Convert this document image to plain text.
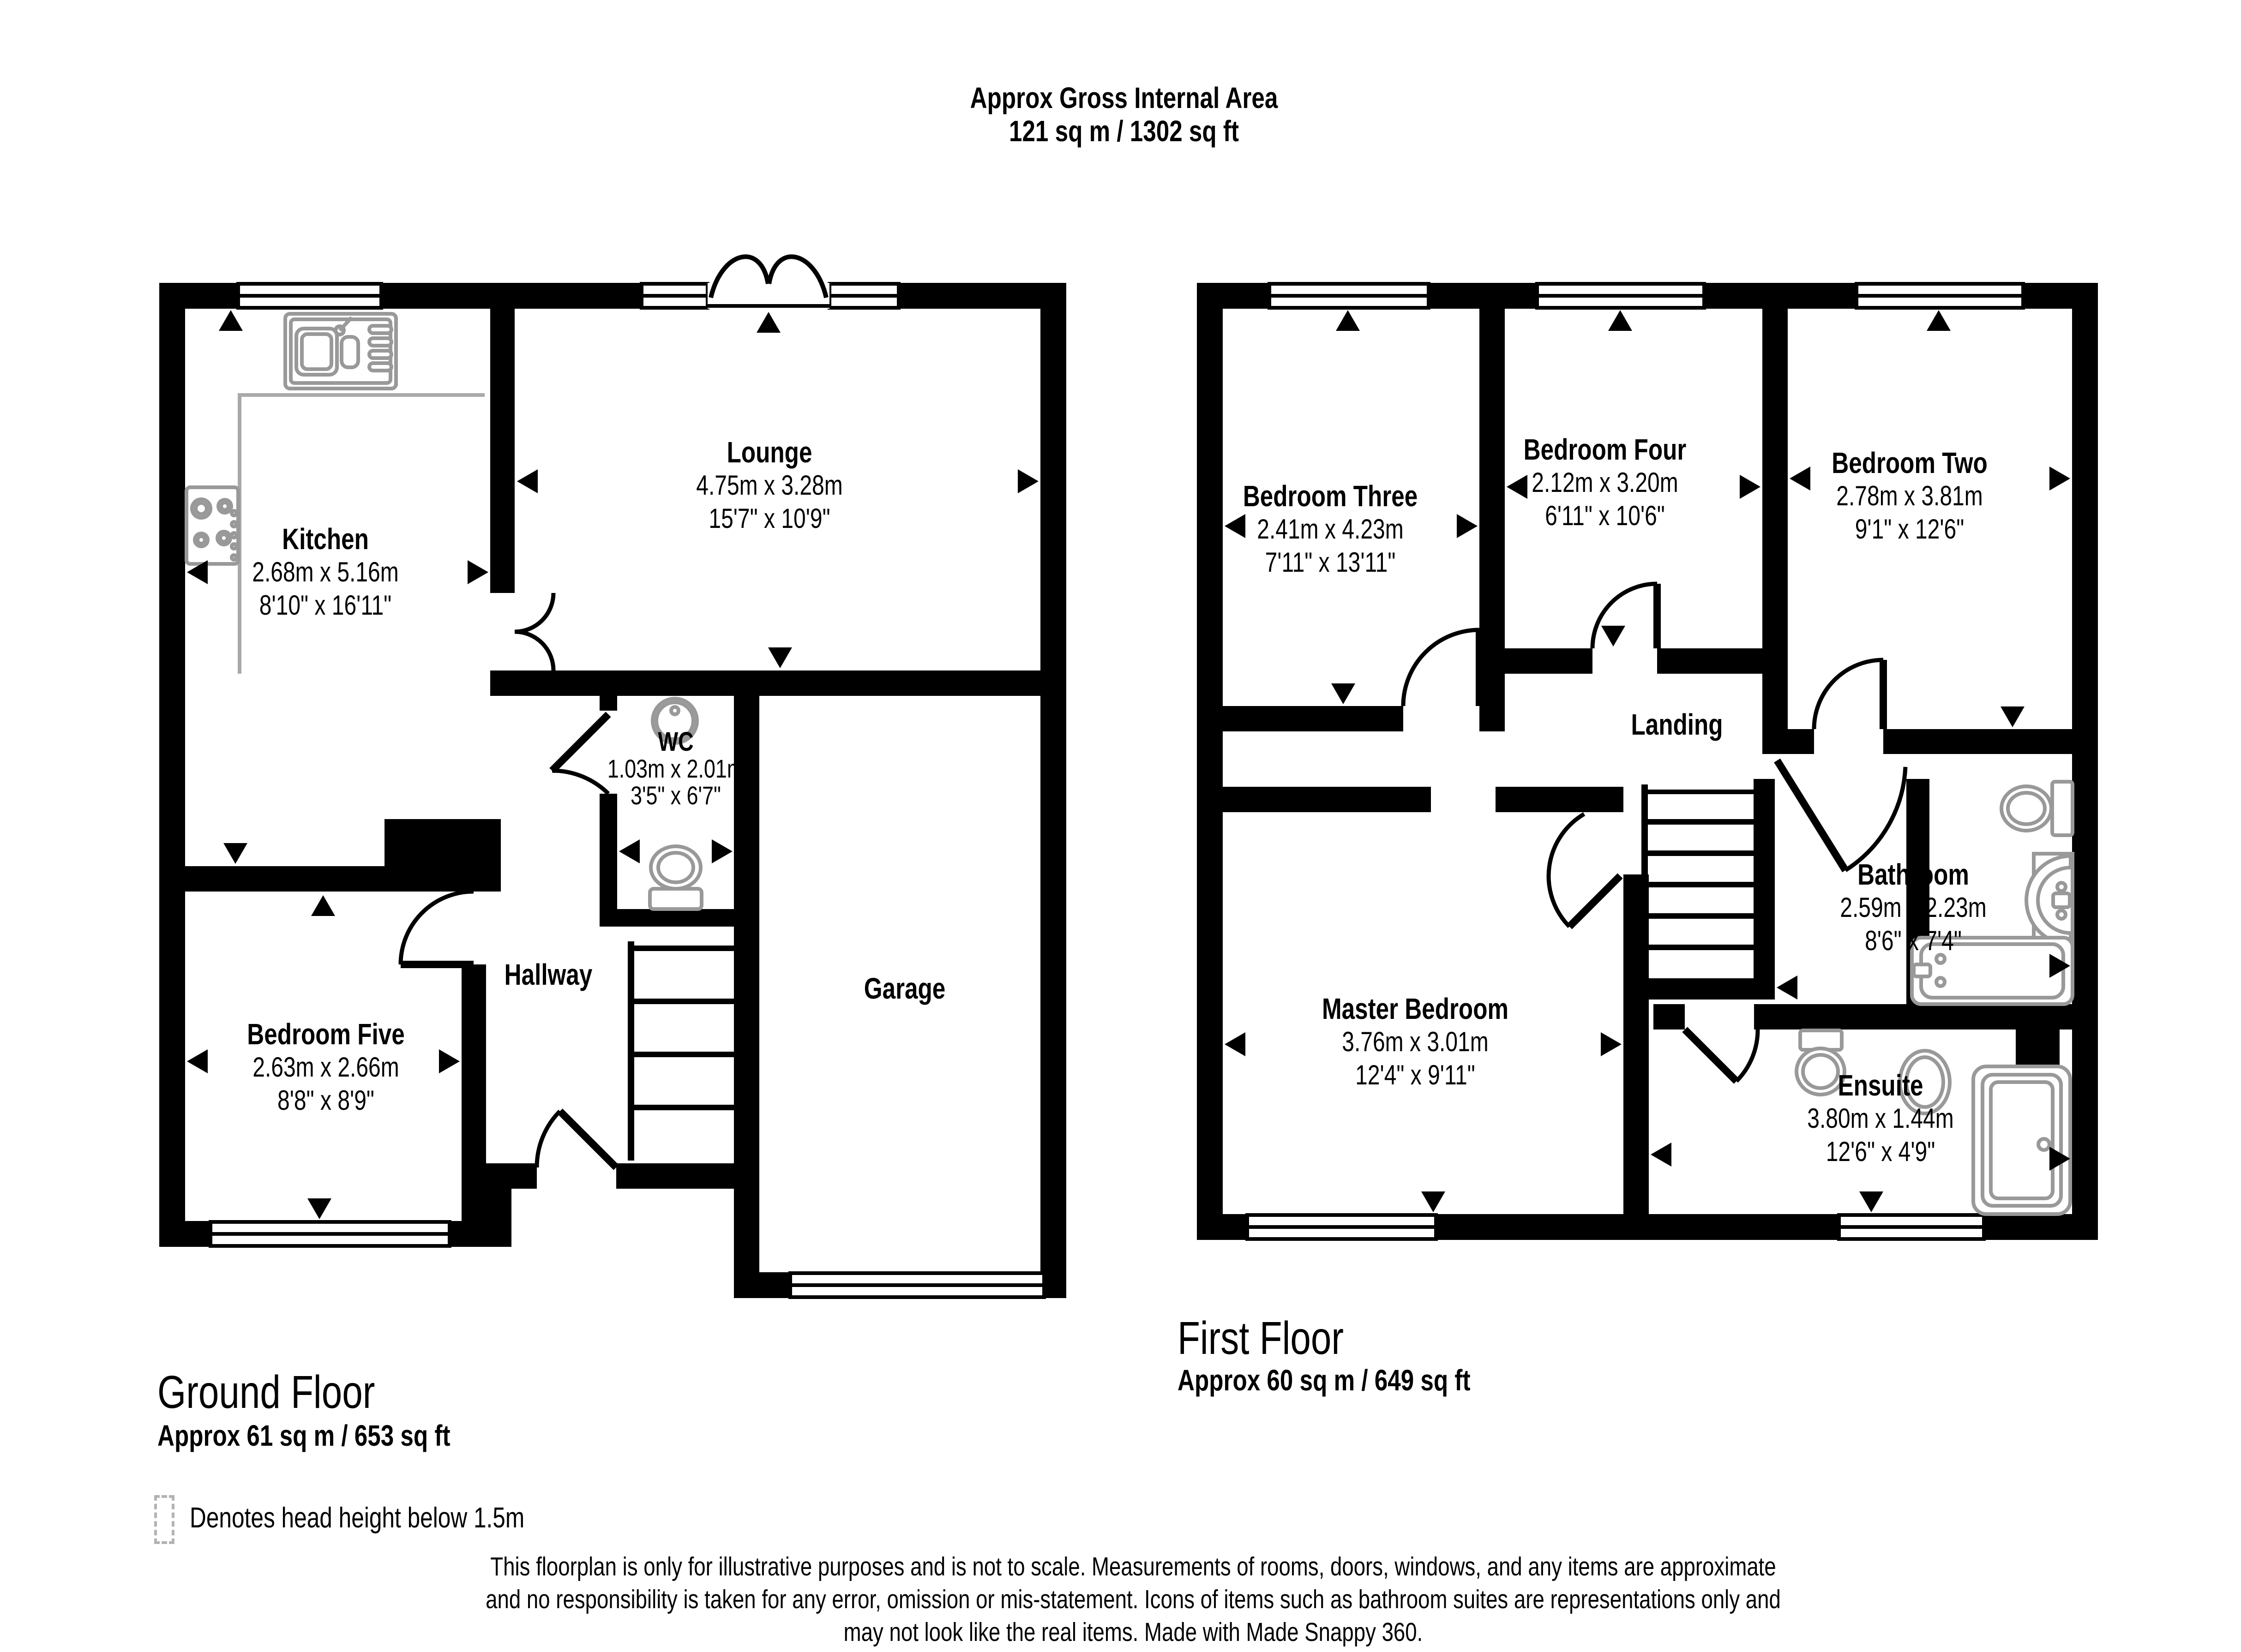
Approx Gross Internal Area
121 sq m / 1302 sq ft
Kitchen
2.68m x 5.16m
8'10" x 16'11"
Lounge
4.75m x 3.28m
15'7" x 10'9"
WC
1.03m x 2.01m
3'5" x 6'7"
Hallway	Garage
Bedroom Five
2.63m x 2.66m
8'8" x 8'9"
Bedroom Three
2.41m x 4.23m
7'11" x 13'11"
Bedroom Four
2.12m x 3.20m
6'11" x 10'6"
Bedroom Two
2.78m x 3.81m
9'1" x 12'6"
Landing
Bathroom
2.59m x 2.23m
8'6" x 7'4"
Master Bedroom
3.76m x 3.01m
12'4" x 9'11"	Ensuite
3.80m x 1.44m
12'6" x 4'9"
Ground Floor
Approx 61 sq m / 653 sq ft
First Floor
Approx 60 sq m / 649 sq ft
Denotes head height below 1.5m
This floorplan is only for illustrative purposes and is not to scale. Measurements of rooms, doors, windows, and any items are approximate
and no responsibility is taken for any error, omission or mis-statement. Icons of items such as bathroom suites are representations only and
may not look like the real items. Made with Made Snappy 360.
